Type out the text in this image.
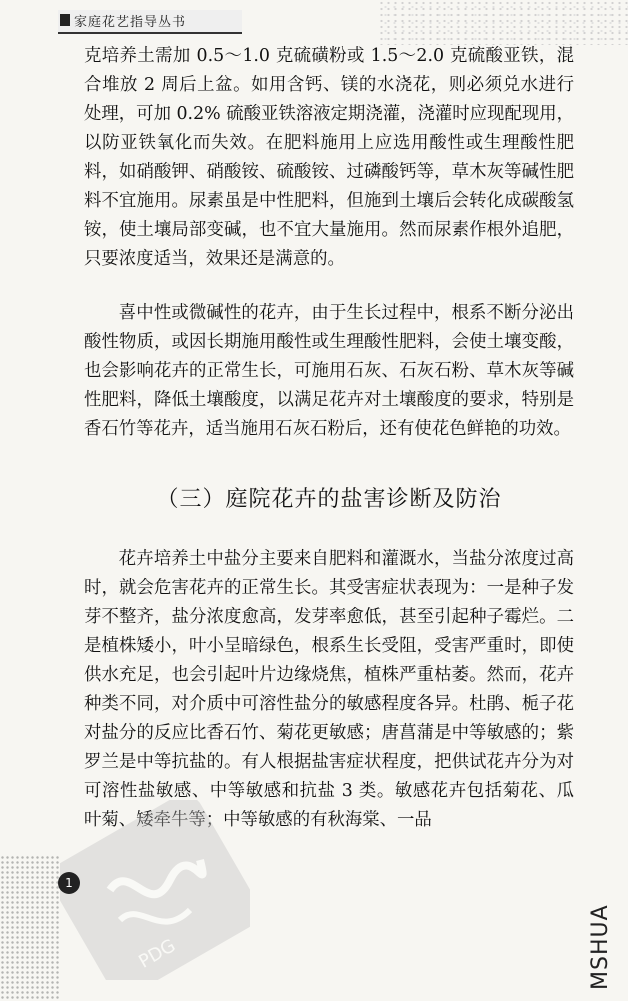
家庭花艺指导丛书

克培养土需加 0.5～1.0 克硫磺粉或 1.5～2.0 克硫酸亚铁，混合堆放 2 周后上盆。如用含钙、镁的水浇花，则必须兑水进行处理，可加 0.2% 硫酸亚铁溶液定期浇灌，浇灌时应现配现用，以防亚铁氧化而失效。在肥料施用上应选用酸性或生理酸性肥料，如硝酸钾、硝酸铵、硫酸铵、过磷酸钙等，草木灰等碱性肥料不宜施用。尿素虽是中性肥料，但施到土壤后会转化成碳酸氢铵，使土壤局部变碱，也不宜大量施用。然而尿素作根外追肥，只要浓度适当，效果还是满意的。

喜中性或微碱性的花卉，由于生长过程中，根系不断分泌出酸性物质，或因长期施用酸性或生理酸性肥料，会使土壤变酸，也会影响花卉的正常生长，可施用石灰、石灰石粉、草木灰等碱性肥料，降低土壤酸度，以满足花卉对土壤酸度的要求，特别是香石竹等花卉，适当施用石灰石粉后，还有使花色鲜艳的功效。

（三）庭院花卉的盐害诊断及防治

花卉培养土中盐分主要来自肥料和灌溉水，当盐分浓度过高时，就会危害花卉的正常生长。其受害症状表现为：一是种子发芽不整齐，盐分浓度愈高，发芽率愈低，甚至引起种子霉烂。二是植株矮小，叶小呈暗绿色，根系生长受阻，受害严重时，即使供水充足，也会引起叶片边缘烧焦，植株严重枯萎。然而，花卉种类不同，对介质中可溶性盐分的敏感程度各异。杜鹃、栀子花对盐分的反应比香石竹、菊花更敏感；唐菖蒲是中等敏感的；紫罗兰是中等抗盐的。有人根据盐害症状程度，把供试花卉分为对可溶性盐敏感、中等敏感和抗盐 3 类。敏感花卉包括菊花、瓜叶菊、矮牵牛等；中等敏感的有秋海棠、一品

PDG
1
MSHUA
